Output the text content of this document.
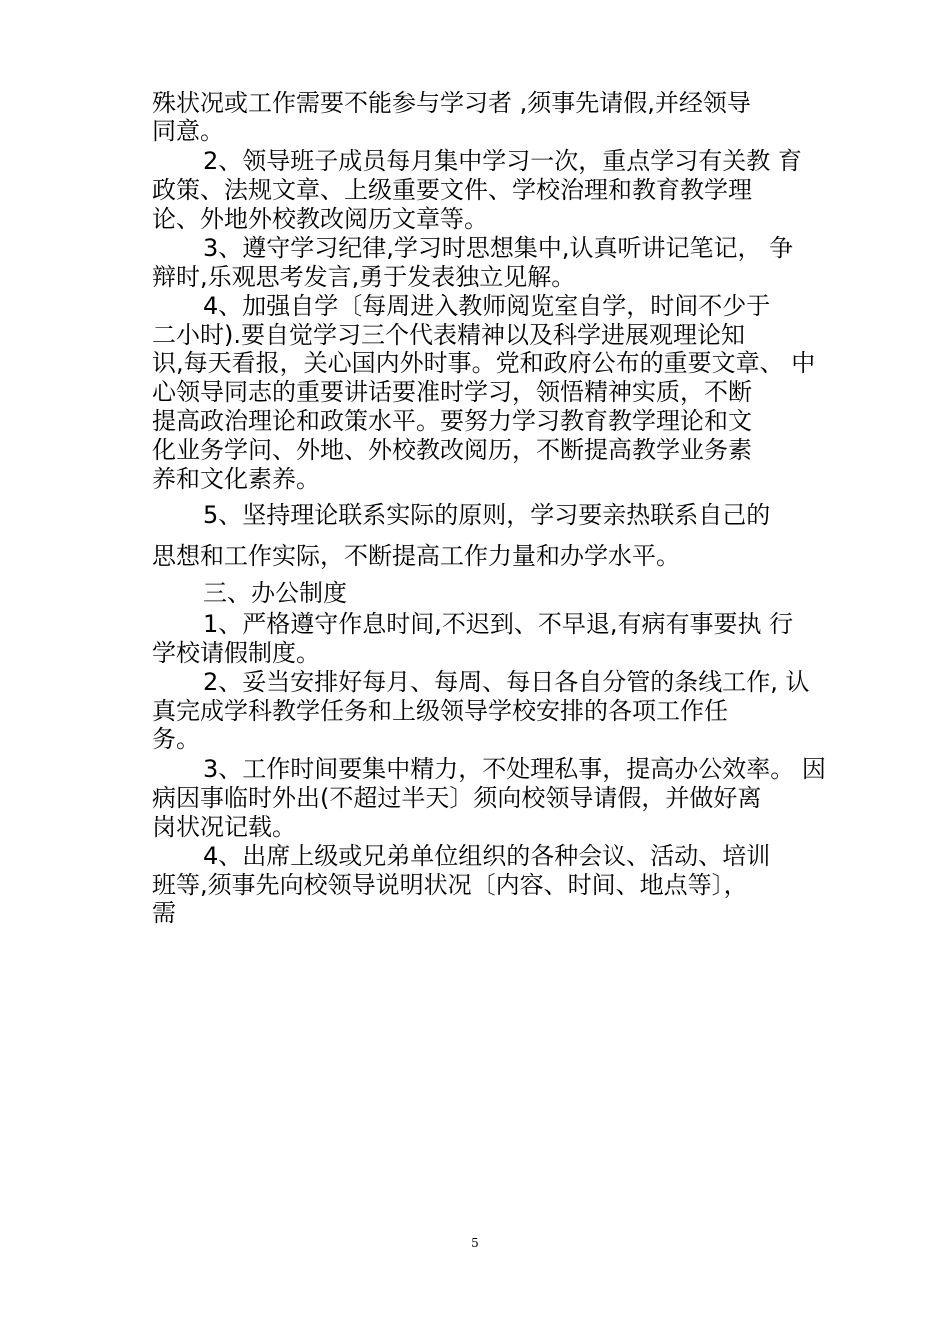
殊状况或工作需要不能参与学习者 ,须事先请假,并经领导
同意。
2、领导班子成员每月集中学习一次，重点学习有关教 育
政策、法规文章、上级重要文件、学校治理和教育教学理
论、外地外校教改阅历文章等。
3、遵守学习纪律,学习时思想集中,认真听讲记笔记， 争
辩时,乐观思考发言,勇于发表独立见解。
4、加强自学〔每周进入教师阅览室自学，时间不少于
二小时).要自觉学习三个代表精神以及科学进展观理论知
识,每天看报，关心国内外时事。党和政府公布的重要文章、 中
心领导同志的重要讲话要准时学习，领悟精神实质，不断
提高政治理论和政策水平。要努力学习教育教学理论和文
化业务学问、外地、外校教改阅历，不断提高教学业务素
养和文化素养。
5、坚持理论联系实际的原则，学习要亲热联系自己的
思想和工作实际，不断提高工作力量和办学水平。
三、办公制度
1、严格遵守作息时间,不迟到、不早退,有病有事要执 行
学校请假制度。
2、妥当安排好每月、每周、每日各自分管的条线工作, 认
真完成学科教学任务和上级领导学校安排的各项工作任
务。
3、工作时间要集中精力，不处理私事，提高办公效率。 因
病因事临时外出(不超过半天〕须向校领导请假，并做好离
岗状况记载。
4、出席上级或兄弟单位组织的各种会议、活动、培训
班等,须事先向校领导说明状况〔内容、时间、地点等〕，
需
5
